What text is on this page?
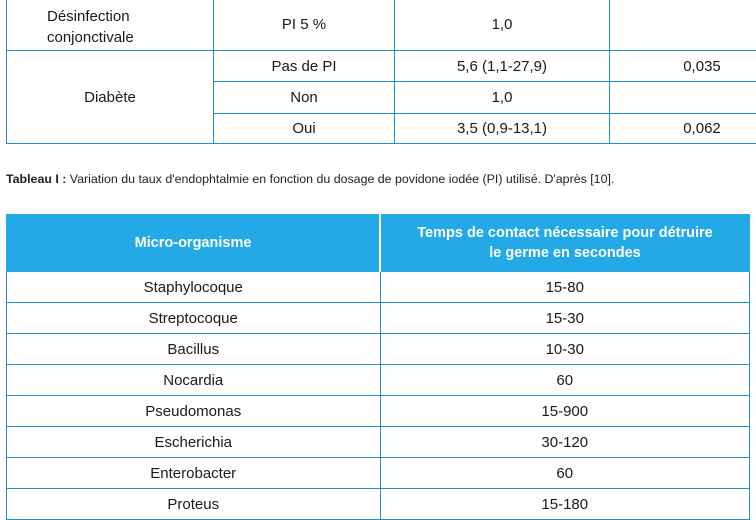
Désinfection
conjonctivale	PI 5 %	1,0	
	Pas de PI	5,6 (1,1-27,9)	0,035
Diabète	Non	1,0	
	Oui	3,5 (0,9-13,1)	0,062
Tableau I : Variation du taux d'endophtalmie en fonction du dosage de povidone iodée (PI) utilisé. D'après [10].
Micro-organisme	Temps de contact nécessaire pour détruire
le germe en secondes

Staphylocoque	15-80
Streptocoque	15-30
Bacillus	10-30
Nocardia	60
Pseudomonas	15-900
Escherichia	30-120
Enterobacter	60
Proteus	15-180
